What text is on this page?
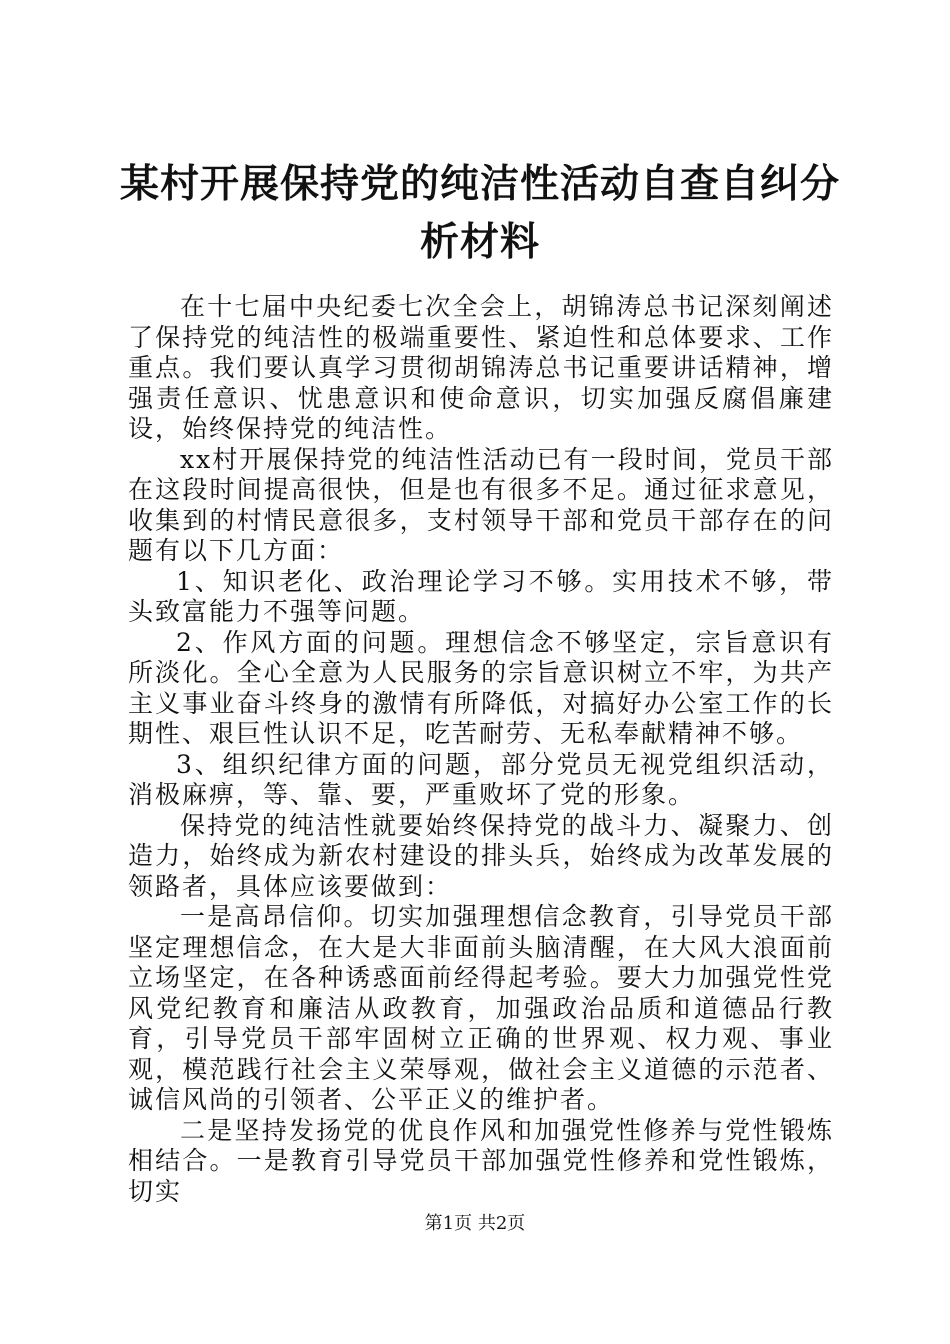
某村开展保持党的纯洁性活动自查自纠分析材料

在十七届中央纪委七次全会上，胡锦涛总书记深刻阐述了保持党的纯洁性的极端重要性、紧迫性和总体要求、工作重点。我们要认真学习贯彻胡锦涛总书记重要讲话精神，增强责任意识、忧患意识和使命意识，切实加强反腐倡廉建设，始终保持党的纯洁性。

xx村开展保持党的纯洁性活动已有一段时间，党员干部在这段时间提高很快，但是也有很多不足。通过征求意见，收集到的村情民意很多，支村领导干部和党员干部存在的问题有以下几方面：

1、知识老化、政治理论学习不够。实用技术不够，带头致富能力不强等问题。

2、作风方面的问题。理想信念不够坚定，宗旨意识有所淡化。全心全意为人民服务的宗旨意识树立不牢，为共产主义事业奋斗终身的激情有所降低，对搞好办公室工作的长期性、艰巨性认识不足，吃苦耐劳、无私奉献精神不够。

3、组织纪律方面的问题，部分党员无视党组织活动，消极麻痹，等、靠、要，严重败坏了党的形象。

保持党的纯洁性就要始终保持党的战斗力、凝聚力、创造力，始终成为新农村建设的排头兵，始终成为改革发展的领路者，具体应该要做到：

一是高昂信仰。切实加强理想信念教育，引导党员干部坚定理想信念，在大是大非面前头脑清醒，在大风大浪面前立场坚定，在各种诱惑面前经得起考验。要大力加强党性党风党纪教育和廉洁从政教育，加强政治品质和道德品行教育，引导党员干部牢固树立正确的世界观、权力观、事业观，模范践行社会主义荣辱观，做社会主义道德的示范者、诚信风尚的引领者、公平正义的维护者。

二是坚持发扬党的优良作风和加强党性修养与党性锻炼相结合。一是教育引导党员干部加强党性修养和党性锻炼，切实

第1页 共2页
